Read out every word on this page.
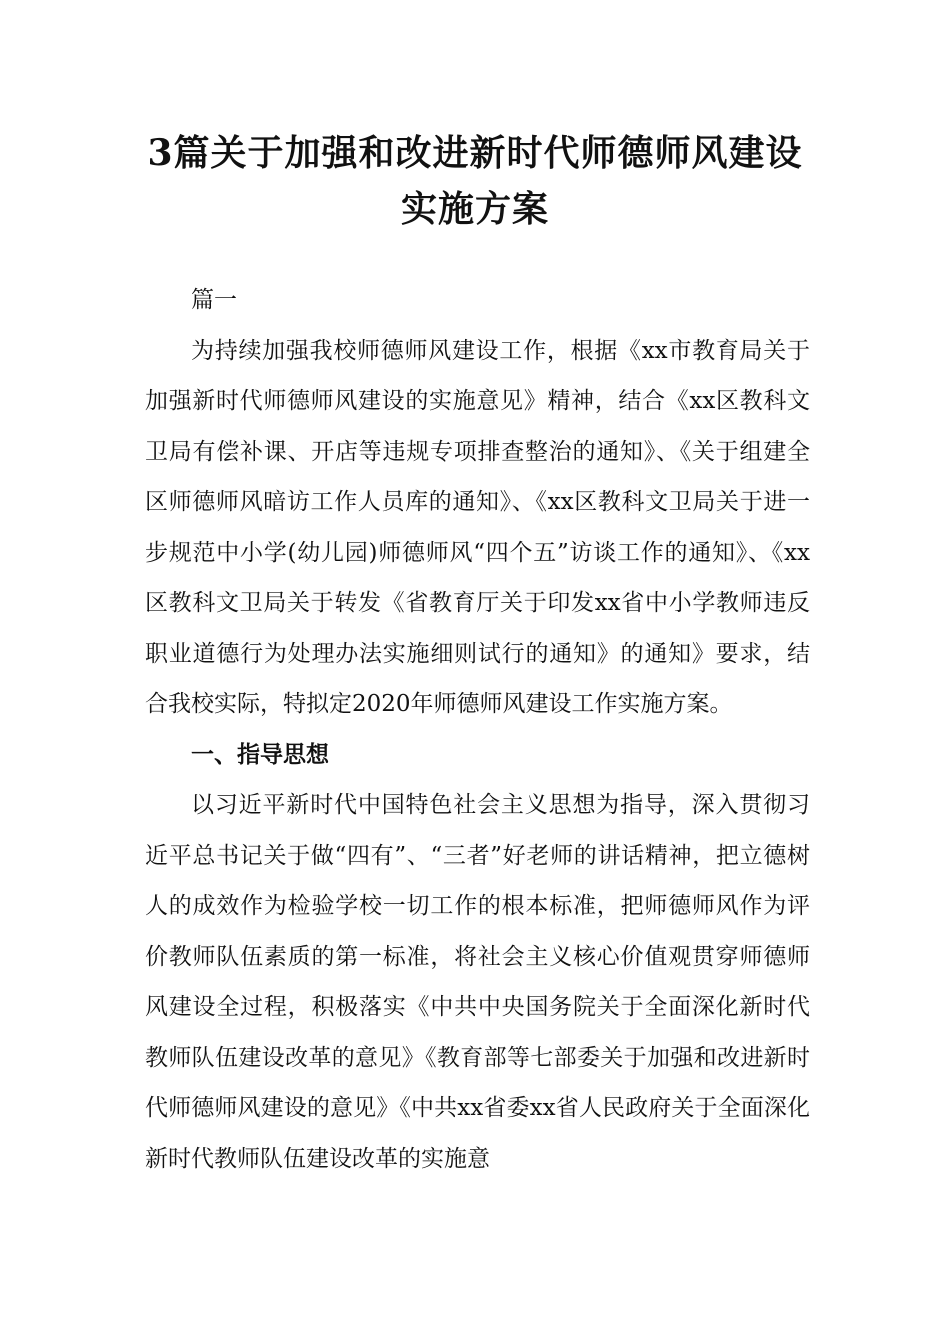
3篇关于加强和改进新时代师德师风建设实施方案

篇一

为持续加强我校师德师风建设工作，根据《xx市教育局关于加强新时代师德师风建设的实施意见》精神，结合《xx区教科文卫局有偿补课、开店等违规专项排查整治的通知》、《关于组建全区师德师风暗访工作人员库的通知》、《xx区教科文卫局关于进一步规范中小学(幼儿园)师德师风“四个五”访谈工作的通知》、《xx区教科文卫局关于转发《省教育厅关于印发xx省中小学教师违反职业道德行为处理办法实施细则试行的通知》的通知》要求，结合我校实际，特拟定2020年师德师风建设工作实施方案。

一、指导思想

以习近平新时代中国特色社会主义思想为指导，深入贯彻习近平总书记关于做“四有”、“三者”好老师的讲话精神，把立德树人的成效作为检验学校一切工作的根本标准，把师德师风作为评价教师队伍素质的第一标准，将社会主义核心价值观贯穿师德师风建设全过程，积极落实《中共中央国务院关于全面深化新时代教师队伍建设改革的意见》《教育部等七部委关于加强和改进新时代师德师风建设的意见》《中共xx省委xx省人民政府关于全面深化新时代教师队伍建设改革的实施意
